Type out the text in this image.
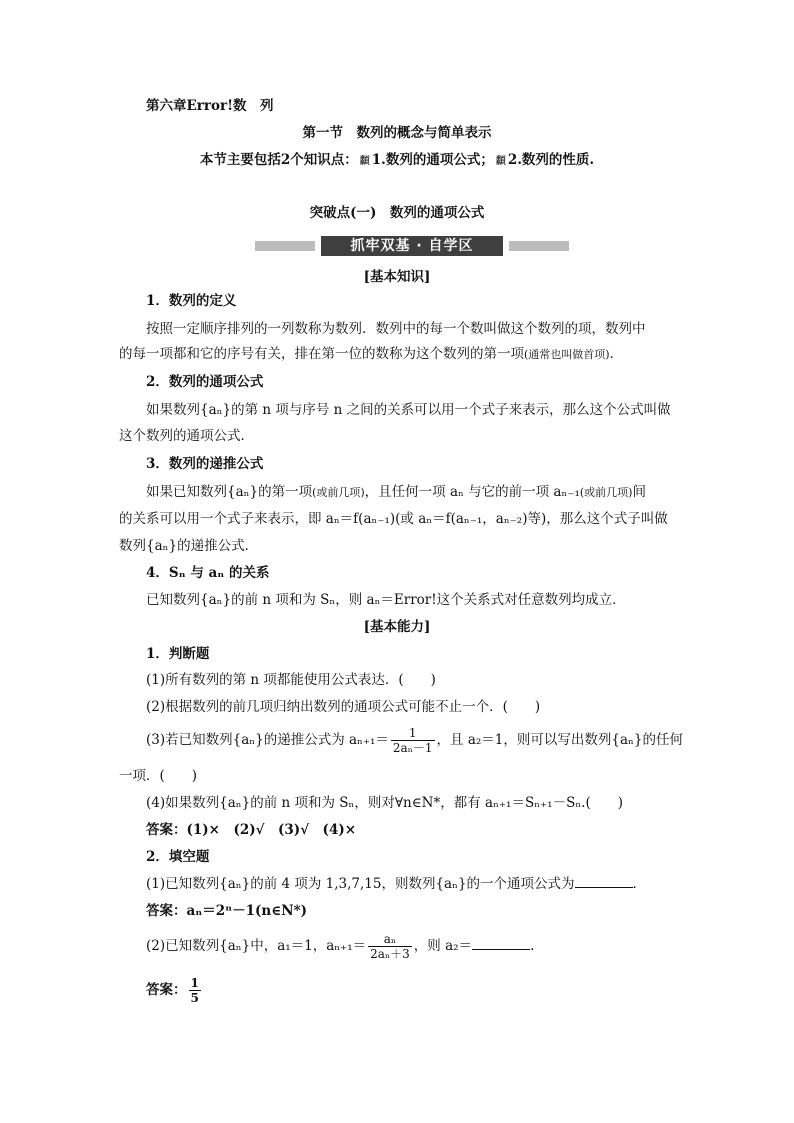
第六章Error!数　列
第一节　数列的概念与简单表示
本节主要包括2个知识点： 纇 1.数列的通项公式； 纇 2.数列的性质.
突破点(一)　数列的通项公式
抓牢双基 · 自学区
[基本知识]
1．数列的定义
按照一定顺序排列的一列数称为数列．数列中的每一个数叫做这个数列的项，数列中
的每一项都和它的序号有关，排在第一位的数称为这个数列的第一项(通常也叫做首项)．
2．数列的通项公式
如果数列{aₙ}的第 n 项与序号 n 之间的关系可以用一个式子来表示，那么这个公式叫做
这个数列的通项公式．
3．数列的递推公式
如果已知数列{aₙ}的第一项(或前几项)，且任何一项 aₙ 与它的前一项 aₙ₋₁(或前几项)间
的关系可以用一个式子来表示，即 aₙ＝f(aₙ₋₁)(或 aₙ＝f(aₙ₋₁，aₙ₋₂)等)，那么这个式子叫做
数列{aₙ}的递推公式．
4．Sₙ 与 aₙ 的关系
已知数列{aₙ}的前 n 项和为 Sₙ，则 aₙ＝Error!这个关系式对任意数列均成立．
[基本能力]
1．判断题
(1)所有数列的第 n 项都能使用公式表达．(　　)
(2)根据数列的前几项归纳出数列的通项公式可能不止一个．(　　)
(3)若已知数列{aₙ}的递推公式为 $a_{n+1}= \frac{1}{\text{2aₙ－1}}$ ，且 a₂＝1，则可以写出数列{aₙ}的任何
一项．(　　)
(4)如果数列{aₙ}的前 n 项和为 Sₙ，则对∀n∈N*，都有 aₙ₊₁＝Sₙ₊₁－Sₙ.(　　)
答案：(1)×　(2)√　(3)√　(4)×
2．填空题
(1)已知数列{aₙ}的前 4 项为 1,3,7,15，则数列{aₙ}的一个通项公式为	．
答案：aₙ＝2ⁿ－1(n∈N*)
(2)已知数列{aₙ}中，a₁＝1，$a_{n+1}= \frac{\text{aₙ}}{\text{2aₙ＋3}}$ ，则 a₂＝	.
答案： $\frac{1}{5}$
